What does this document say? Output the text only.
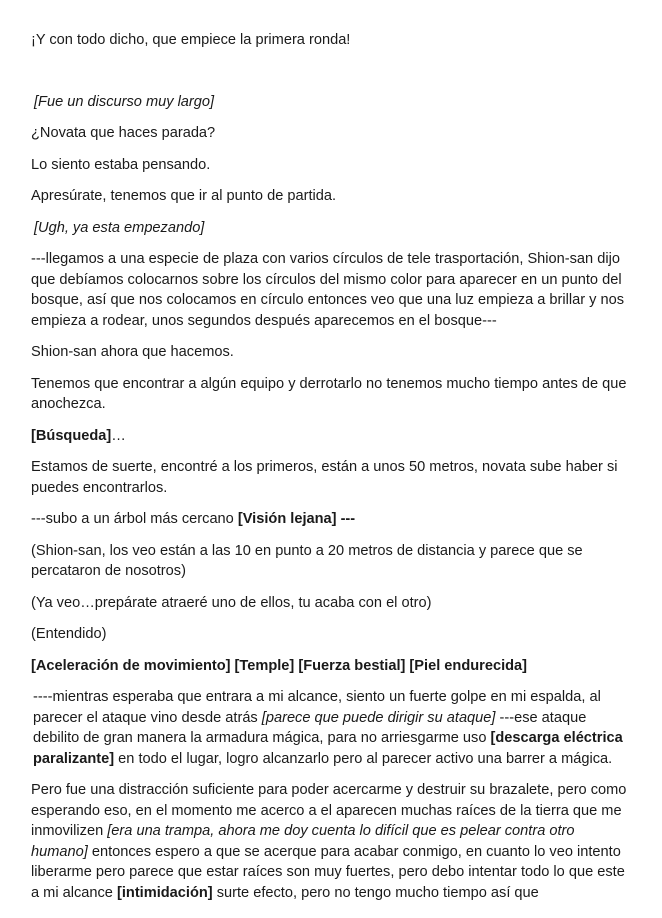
¡Y con todo dicho, que empiece la primera ronda!

[Fue un discurso muy largo]

¿Novata que haces parada?

Lo siento estaba pensando.

Apresúrate, tenemos que ir al punto de partida.

[Ugh, ya esta empezando]

---llegamos a una especie de plaza con varios círculos de tele trasportación, Shion-san dijo que debíamos colocarnos sobre los círculos del mismo color para aparecer en un punto del bosque, así que nos colocamos en círculo entonces veo que una luz empieza a brillar y nos empieza a rodear, unos segundos después aparecemos en el bosque---

Shion-san ahora que hacemos.

Tenemos que encontrar a algún equipo y derrotarlo no tenemos mucho tiempo antes de que anochezca.

[Búsqueda]…

Estamos de suerte, encontré a los primeros, están a unos 50 metros, novata sube haber si puedes encontrarlos.

---subo a un árbol más cercano [Visión lejana] ---

(Shion-san, los veo están a las 10 en punto a 20 metros de distancia y parece que se percataron de nosotros)

(Ya veo…prepárate atraeré uno de ellos, tu acaba con el otro)

(Entendido)

[Aceleración de movimiento] [Temple] [Fuerza bestial] [Piel endurecida]

----mientras esperaba que entrara a mi alcance, siento un fuerte golpe en mi espalda, al parecer el ataque vino desde atrás [parece que puede dirigir su ataque] ---ese ataque debilito de gran manera la armadura mágica, para no arriesgarme uso [descarga eléctrica paralizante] en todo el lugar, logro alcanzarlo pero al parecer activo una barrer a mágica.

Pero fue una distracción suficiente para poder acercarme y destruir su brazalete, pero como esperando eso, en el momento me acerco a el aparecen muchas raíces de la tierra que me inmovilizen [era una trampa, ahora me doy cuenta lo difícil que es pelear contra otro humano] entonces espero a que se acerque para acabar conmigo, en cuanto lo veo intento liberarme pero parece que estar raíces son muy fuertes, pero debo intentar todo lo que este a mi alcance [intimidación] surte efecto, pero no tengo mucho tiempo así que
